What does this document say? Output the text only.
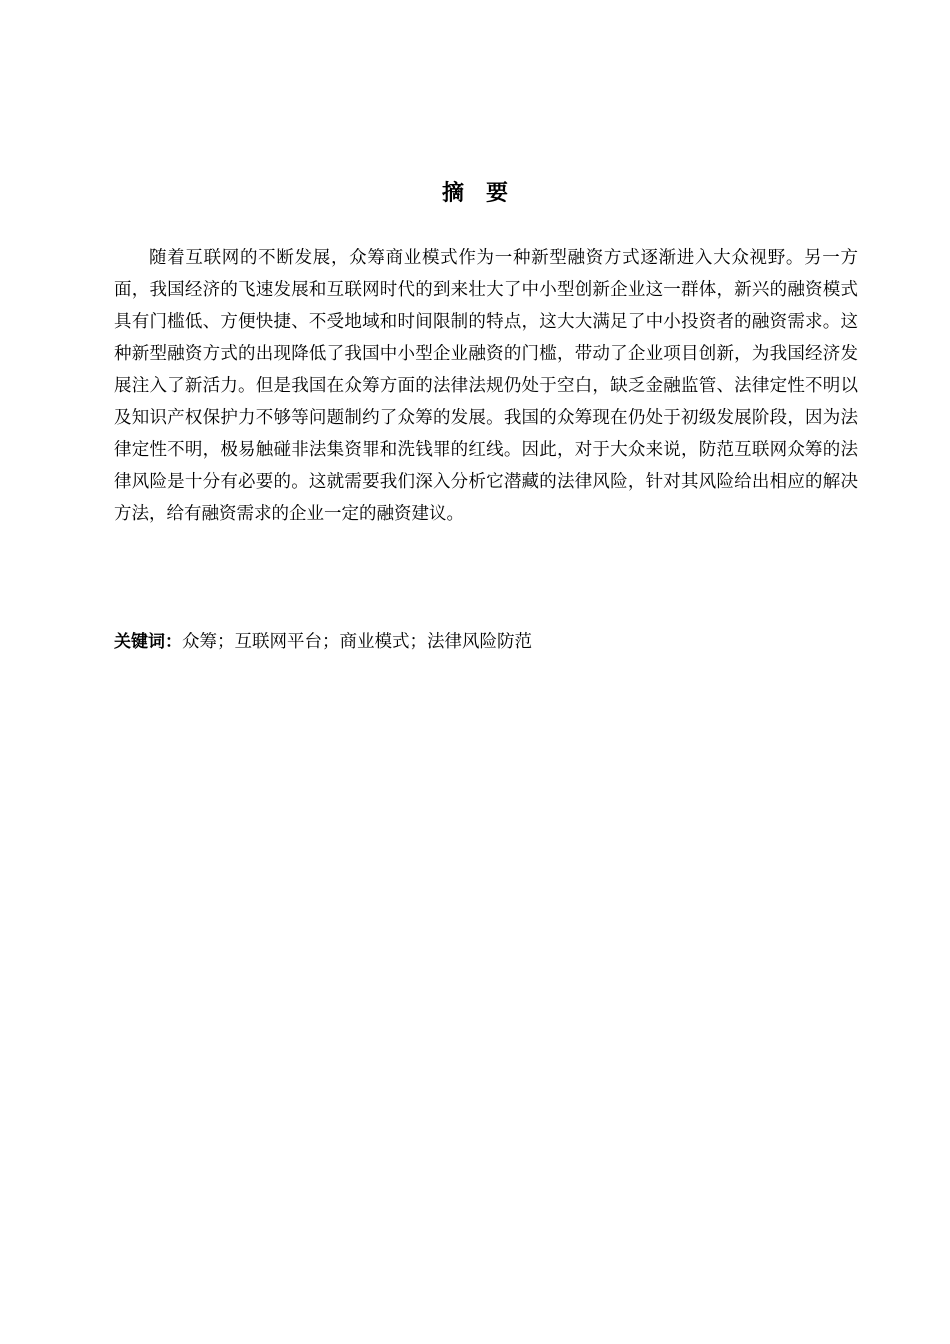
摘 要

随着互联网的不断发展，众筹商业模式作为一种新型融资方式逐渐进入大众视野。另一方面，我国经济的飞速发展和互联网时代的到来壮大了中小型创新企业这一群体，新兴的融资模式具有门槛低、方便快捷、不受地域和时间限制的特点，这大大满足了中小投资者的融资需求。这种新型融资方式的出现降低了我国中小型企业融资的门槛，带动了企业项目创新，为我国经济发展注入了新活力。但是我国在众筹方面的法律法规仍处于空白，缺乏金融监管、法律定性不明以及知识产权保护力不够等问题制约了众筹的发展。我国的众筹现在仍处于初级发展阶段，因为法律定性不明，极易触碰非法集资罪和洗钱罪的红线。因此，对于大众来说，防范互联网众筹的法律风险是十分有必要的。这就需要我们深入分析它潜藏的法律风险，针对其风险给出相应的解决方法，给有融资需求的企业一定的融资建议。

关键词：众筹；互联网平台；商业模式；法律风险防范
